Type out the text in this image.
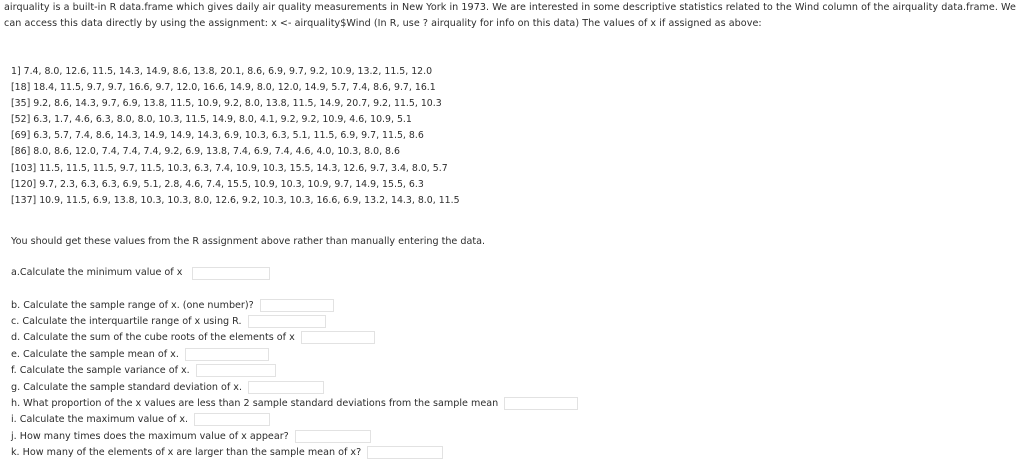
airquality is a built-in R data.frame which gives daily air quality measurements in New York in 1973. We are interested in some descriptive statistics related to the Wind column of the airquality data.frame. We can access this data directly by using the assignment: x <- airquality$Wind (In R, use ? airquality for info on this data) The values of x if assigned as above:
1] 7.4, 8.0, 12.6, 11.5, 14.3, 14.9, 8.6, 13.8, 20.1, 8.6, 6.9, 9.7, 9.2, 10.9, 13.2, 11.5, 12.0
[18] 18.4, 11.5, 9.7, 9.7, 16.6, 9.7, 12.0, 16.6, 14.9, 8.0, 12.0, 14.9, 5.7, 7.4, 8.6, 9.7, 16.1
[35] 9.2, 8.6, 14.3, 9.7, 6.9, 13.8, 11.5, 10.9, 9.2, 8.0, 13.8, 11.5, 14.9, 20.7, 9.2, 11.5, 10.3
[52] 6.3, 1.7, 4.6, 6.3, 8.0, 8.0, 10.3, 11.5, 14.9, 8.0, 4.1, 9.2, 9.2, 10.9, 4.6, 10.9, 5.1
[69] 6.3, 5.7, 7.4, 8.6, 14.3, 14.9, 14.9, 14.3, 6.9, 10.3, 6.3, 5.1, 11.5, 6.9, 9.7, 11.5, 8.6
[86] 8.0, 8.6, 12.0, 7.4, 7.4, 7.4, 9.2, 6.9, 13.8, 7.4, 6.9, 7.4, 4.6, 4.0, 10.3, 8.0, 8.6
[103] 11.5, 11.5, 11.5, 9.7, 11.5, 10.3, 6.3, 7.4, 10.9, 10.3, 15.5, 14.3, 12.6, 9.7, 3.4, 8.0, 5.7
[120] 9.7, 2.3, 6.3, 6.3, 6.9, 5.1, 2.8, 4.6, 7.4, 15.5, 10.9, 10.3, 10.9, 9.7, 14.9, 15.5, 6.3
[137] 10.9, 11.5, 6.9, 13.8, 10.3, 10.3, 8.0, 12.6, 9.2, 10.3, 10.3, 16.6, 6.9, 13.2, 14.3, 8.0, 11.5
You should get these values from the R assignment above rather than manually entering the data.
a.Calculate the minimum value of x
b. Calculate the sample range of x. (one number)?
c. Calculate the interquartile range of x using R.
d. Calculate the sum of the cube roots of the elements of x
e. Calculate the sample mean of x.
f. Calculate the sample variance of x.
g. Calculate the sample standard deviation of x.
h. What proportion of the x values are less than 2 sample standard deviations from the sample mean
i. Calculate the maximum value of x.
j. How many times does the maximum value of x appear?
k. How many of the elements of x are larger than the sample mean of x?
